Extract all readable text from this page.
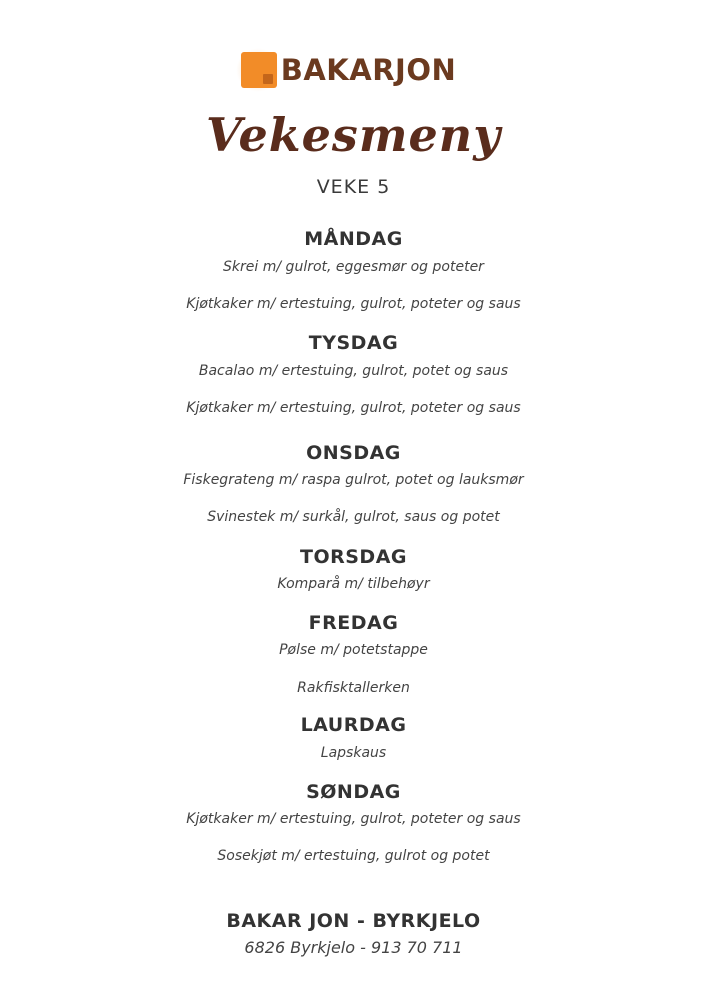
BAKARJON
Vekesmeny
VEKE 5
MÅNDAG
Skrei m/ gulrot, eggesmør og poteter
Kjøtkaker m/ ertestuing, gulrot, poteter og saus
TYSDAG
Bacalao m/ ertestuing, gulrot, potet og saus
Kjøtkaker m/ ertestuing, gulrot, poteter og saus
ONSDAG
Fiskegrateng m/ raspa gulrot, potet og lauksmør
Svinestek m/ surkål, gulrot, saus og potet
TORSDAG
Komparå m/ tilbehøyr
FREDAG
Pølse m/ potetstappe
Rakfisktallerken
LAURDAG
Lapskaus
SØNDAG
Kjøtkaker m/ ertestuing, gulrot, poteter og saus
Sosekjøt m/ ertestuing, gulrot og potet
BAKAR JON - BYRKJELO
6826 Byrkjelo - 913 70 711
